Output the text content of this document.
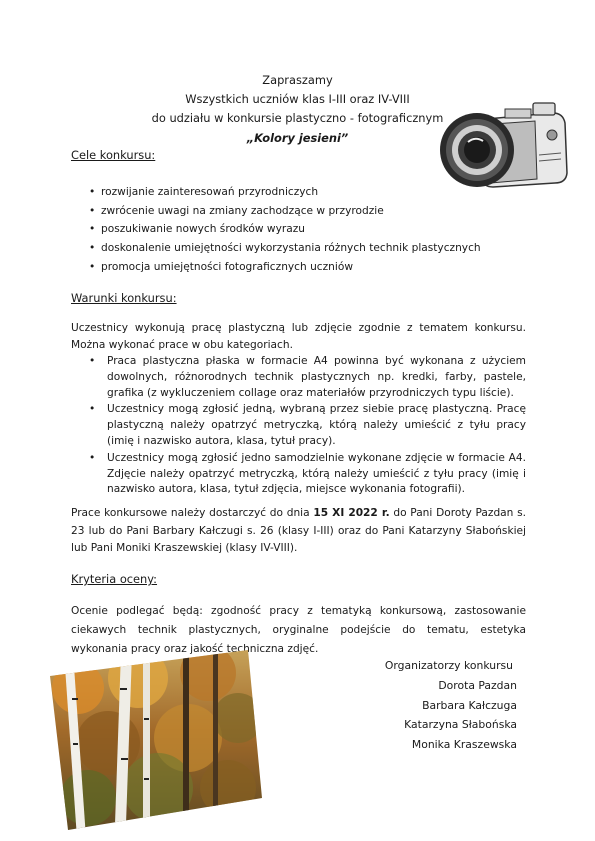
Zapraszamy
Wszystkich uczniów klas I-III oraz IV-VIII
do udziału w konkursie plastyczno - fotograficznym
„Kolory jesieni”
Cele konkursu:
• rozwijanie zainteresowań przyrodniczych
• zwrócenie uwagi na zmiany zachodzące w przyrodzie
• poszukiwanie nowych środków wyrazu
• doskonalenie umiejętności wykorzystania różnych technik plastycznych
• promocja umiejętności fotograficznych uczniów
Warunki konkursu:
Uczestnicy wykonują pracę plastyczną lub zdjęcie zgodnie z tematem konkursu. Można wykonać prace w obu kategoriach.
• Praca plastyczna płaska w formacie A4 powinna być wykonana z użyciem dowolnych, różnorodnych technik plastycznych np. kredki, farby, pastele, grafika (z wykluczeniem collage oraz materiałów przyrodniczych typu liście).
• Uczestnicy mogą zgłosić jedną, wybraną przez siebie pracę plastyczną. Pracę plastyczną należy opatrzyć metryczką, którą należy umieścić z tyłu pracy (imię i nazwisko autora, klasa, tytuł pracy).
• Uczestnicy mogą zgłosić jedno samodzielnie wykonane zdjęcie w formacie A4. Zdjęcie należy opatrzyć metryczką, którą należy umieścić z tyłu pracy (imię i nazwisko autora, klasa, tytuł zdjęcia, miejsce wykonania fotografii).
Prace konkursowe należy dostarczyć do dnia 15 XI 2022 r. do Pani Doroty Pazdan s. 23 lub do Pani Barbary Kałczugi s. 26 (klasy I-III) oraz do Pani Katarzyny Słabońskiej lub Pani Moniki Kraszewskiej (klasy IV-VIII).
Kryteria oceny:
Ocenie podlegać będą: zgodność pracy z tematyką konkursową, zastosowanie ciekawych technik plastycznych, oryginalne podejście do tematu, estetyka wykonania pracy oraz jakość techniczna zdjęć.
Organizatorzy konkursu
Dorota Pazdan
Barbara Kałczuga
Katarzyna Słabońska
Monika Kraszewska
